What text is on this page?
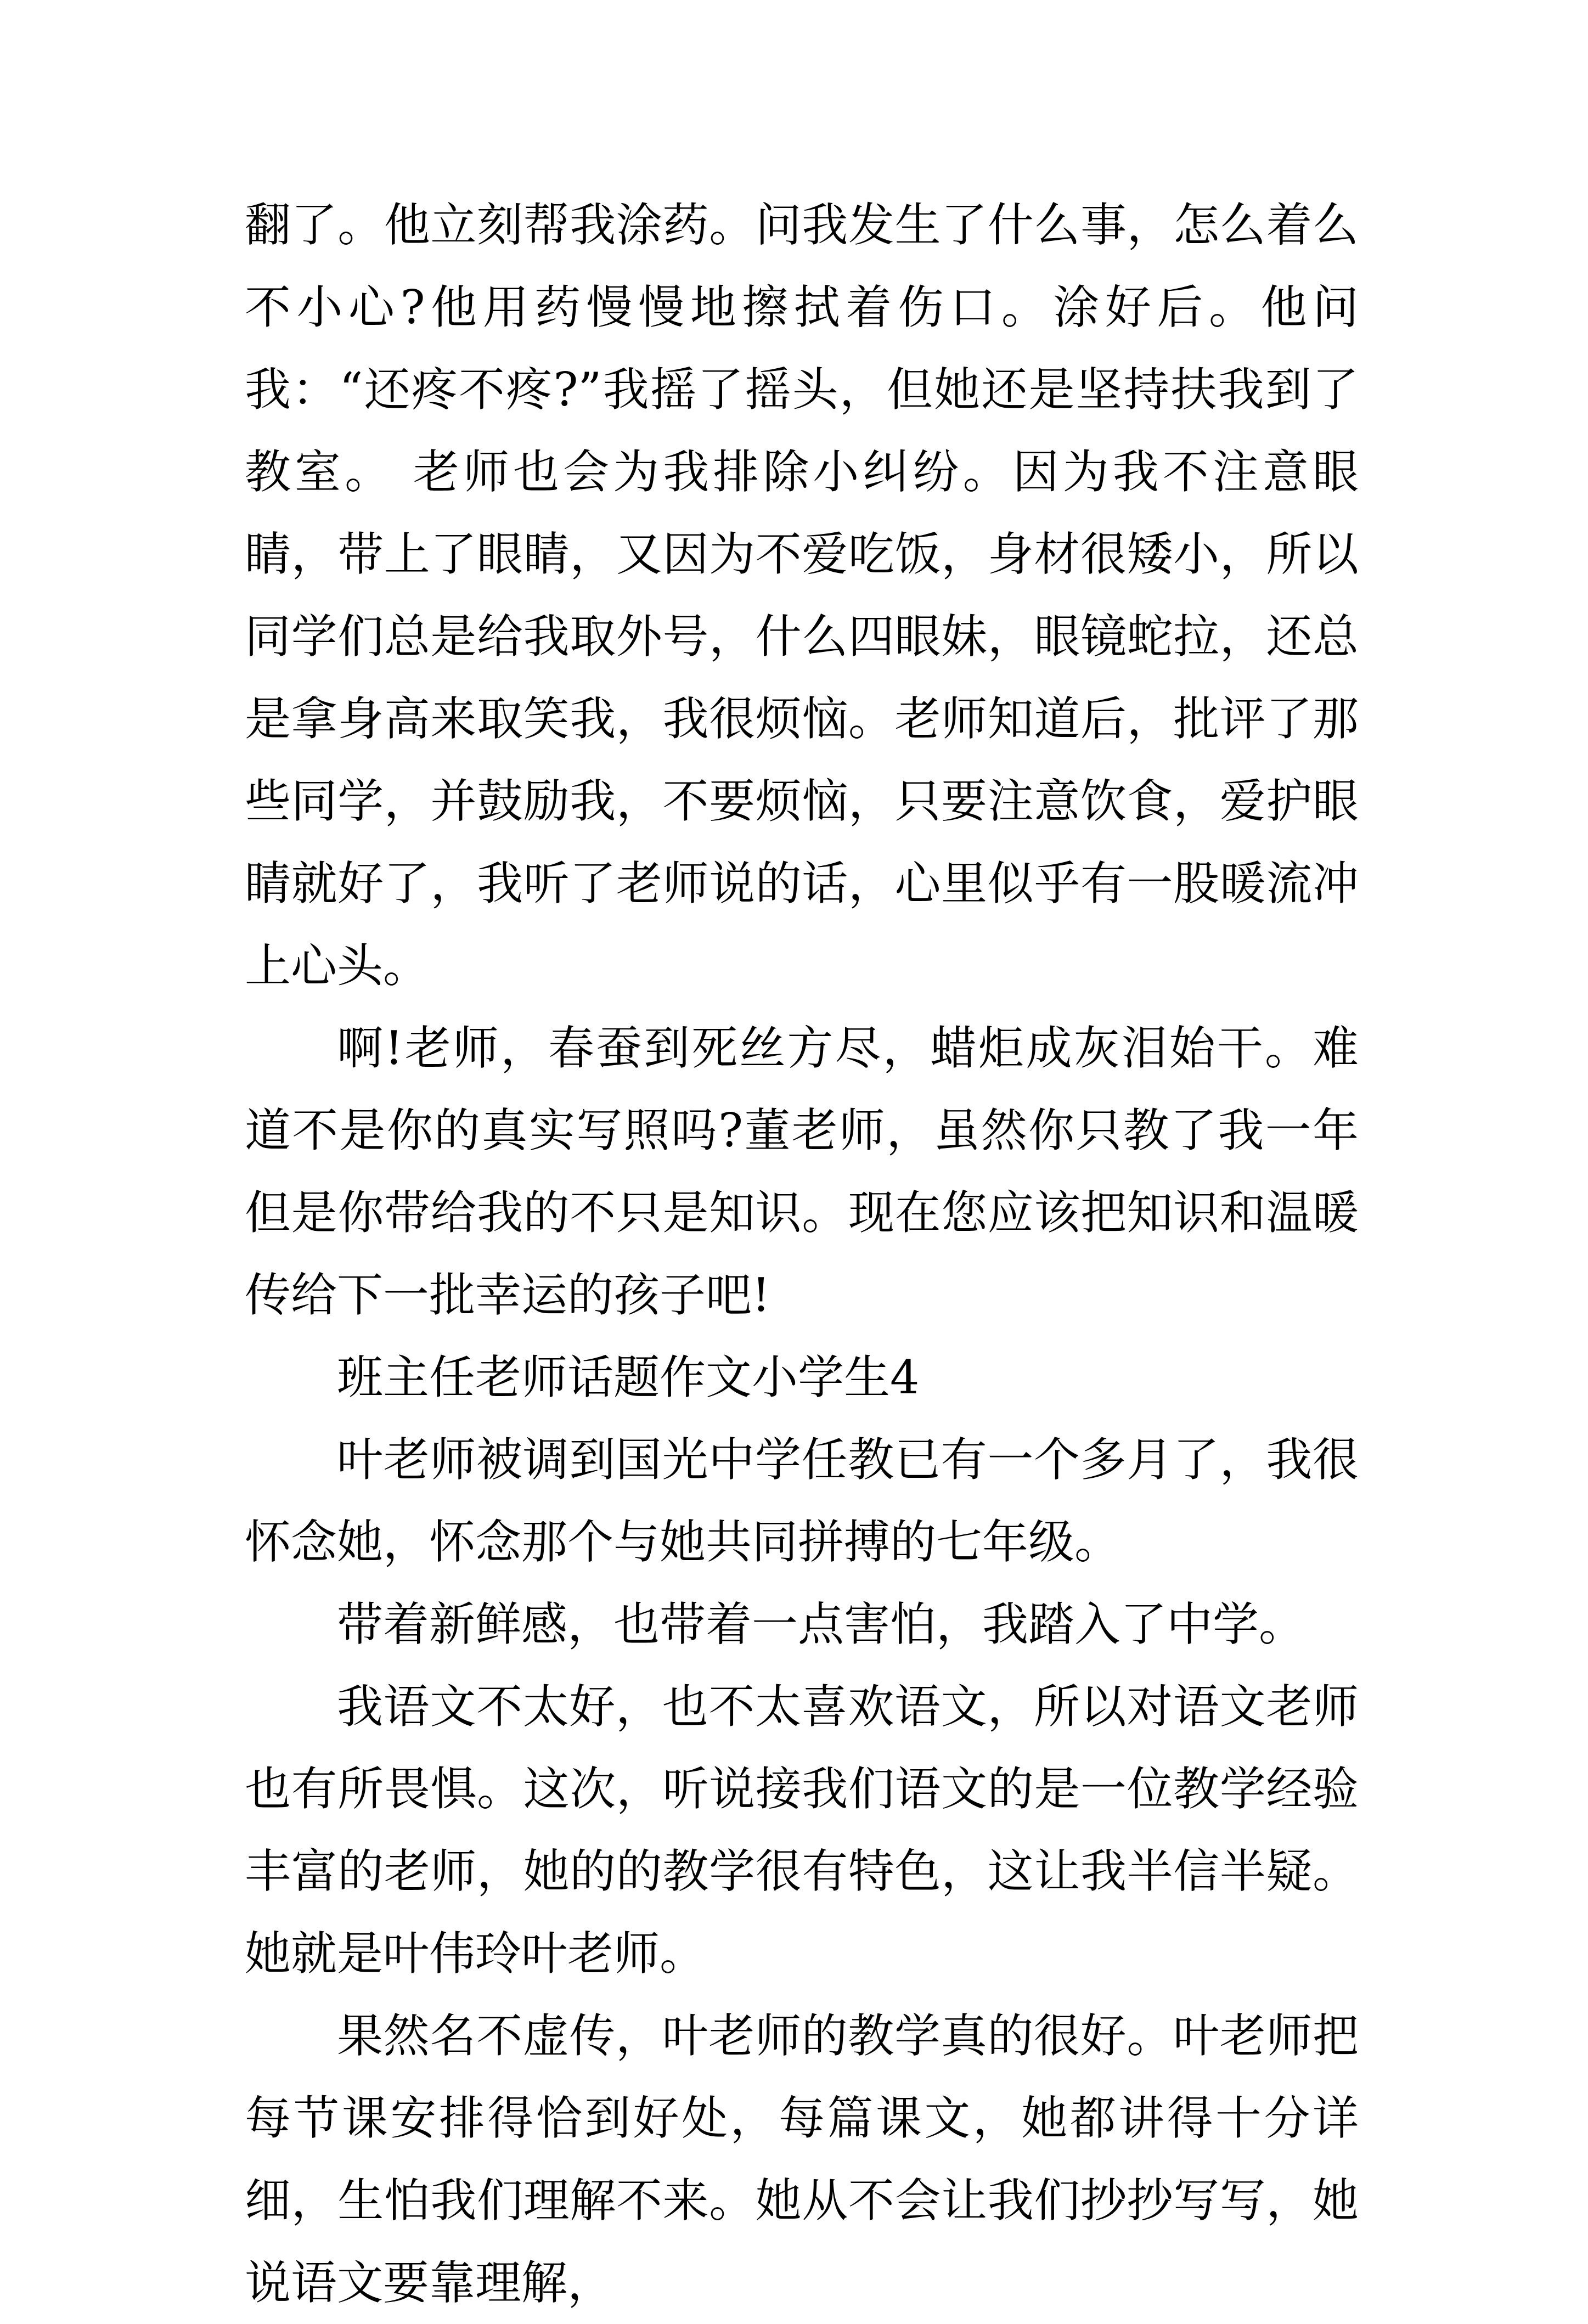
翻了。他立刻帮我涂药。问我发生了什么事，怎么着么不小心?他用药慢慢地擦拭着伤口。涂好后。他问我：“还疼不疼?”我摇了摇头，但她还是坚持扶我到了教室。 老师也会为我排除小纠纷。因为我不注意眼睛，带上了眼睛，又因为不爱吃饭，身材很矮小，所以同学们总是给我取外号，什么四眼妹，眼镜蛇拉，还总是拿身高来取笑我，我很烦恼。老师知道后，批评了那些同学，并鼓励我，不要烦恼，只要注意饮食，爱护眼睛就好了，我听了老师说的话，心里似乎有一股暖流冲上心头。

啊!老师，春蚕到死丝方尽，蜡炬成灰泪始干。难道不是你的真实写照吗?董老师，虽然你只教了我一年但是你带给我的不只是知识。现在您应该把知识和温暖传给下一批幸运的孩子吧!

班主任老师话题作文小学生4

叶老师被调到国光中学任教已有一个多月了，我很怀念她，怀念那个与她共同拼搏的七年级。

带着新鲜感，也带着一点害怕，我踏入了中学。

我语文不太好，也不太喜欢语文，所以对语文老师也有所畏惧。这次，听说接我们语文的是一位教学经验丰富的老师，她的的教学很有特色，这让我半信半疑。她就是叶伟玲叶老师。

果然名不虚传，叶老师的教学真的很好。叶老师把每节课安排得恰到好处，每篇课文，她都讲得十分详细，生怕我们理解不来。她从不会让我们抄抄写写，她说语文要靠理解，
